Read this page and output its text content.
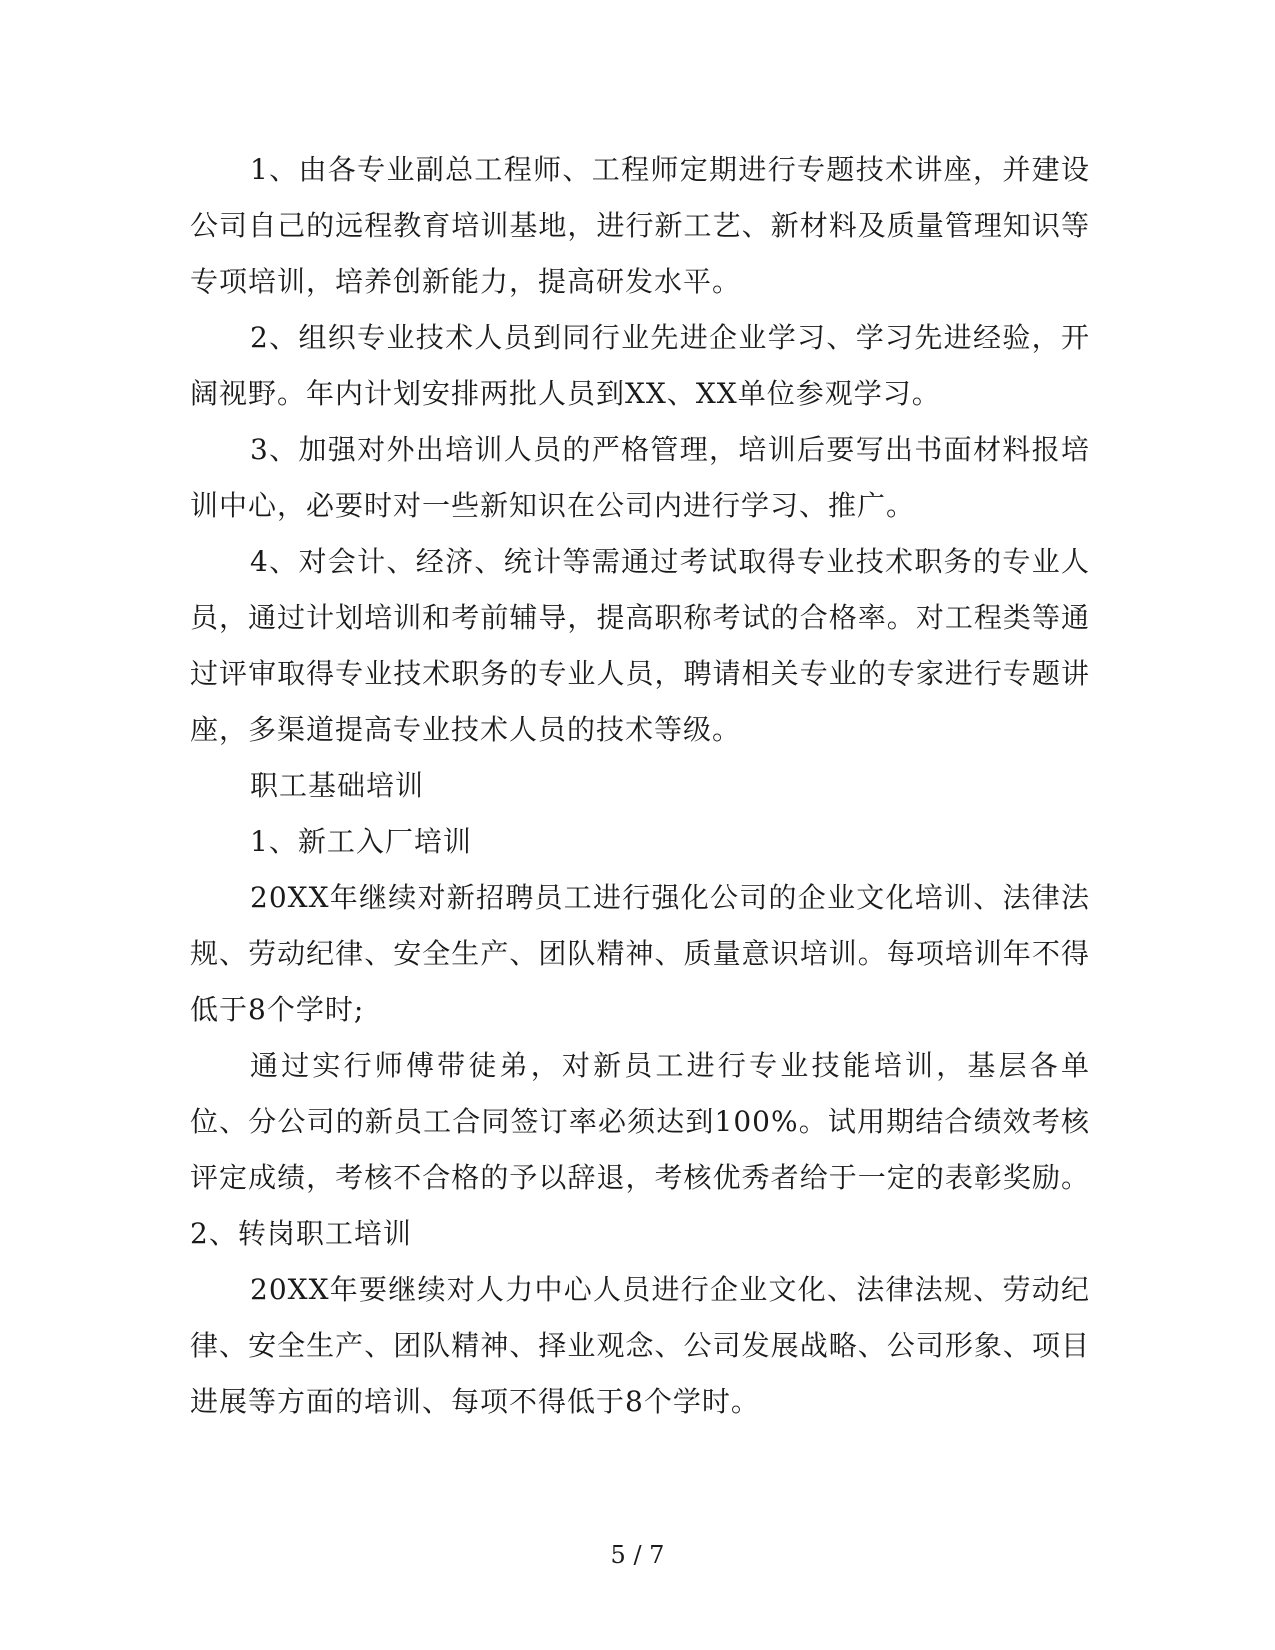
1、由各专业副总工程师、工程师定期进行专题技术讲座，并建设公司自己的远程教育培训基地，进行新工艺、新材料及质量管理知识等专项培训，培养创新能力，提高研发水平。

2、组织专业技术人员到同行业先进企业学习、学习先进经验，开阔视野。年内计划安排两批人员到XX、XX单位参观学习。

3、加强对外出培训人员的严格管理，培训后要写出书面材料报培训中心，必要时对一些新知识在公司内进行学习、推广。

4、对会计、经济、统计等需通过考试取得专业技术职务的专业人员，通过计划培训和考前辅导，提高职称考试的合格率。对工程类等通过评审取得专业技术职务的专业人员，聘请相关专业的专家进行专题讲座，多渠道提高专业技术人员的技术等级。

职工基础培训

1、新工入厂培训

20XX年继续对新招聘员工进行强化公司的企业文化培训、法律法规、劳动纪律、安全生产、团队精神、质量意识培训。每项培训年不得低于8个学时;

通过实行师傅带徒弟，对新员工进行专业技能培训，基层各单位、分公司的新员工合同签订率必须达到100%。试用期结合绩效考核评定成绩，考核不合格的予以辞退，考核优秀者给于一定的表彰奖励。2、转岗职工培训

20XX年要继续对人力中心人员进行企业文化、法律法规、劳动纪律、安全生产、团队精神、择业观念、公司发展战略、公司形象、项目进展等方面的培训、每项不得低于8个学时。

5 / 7
